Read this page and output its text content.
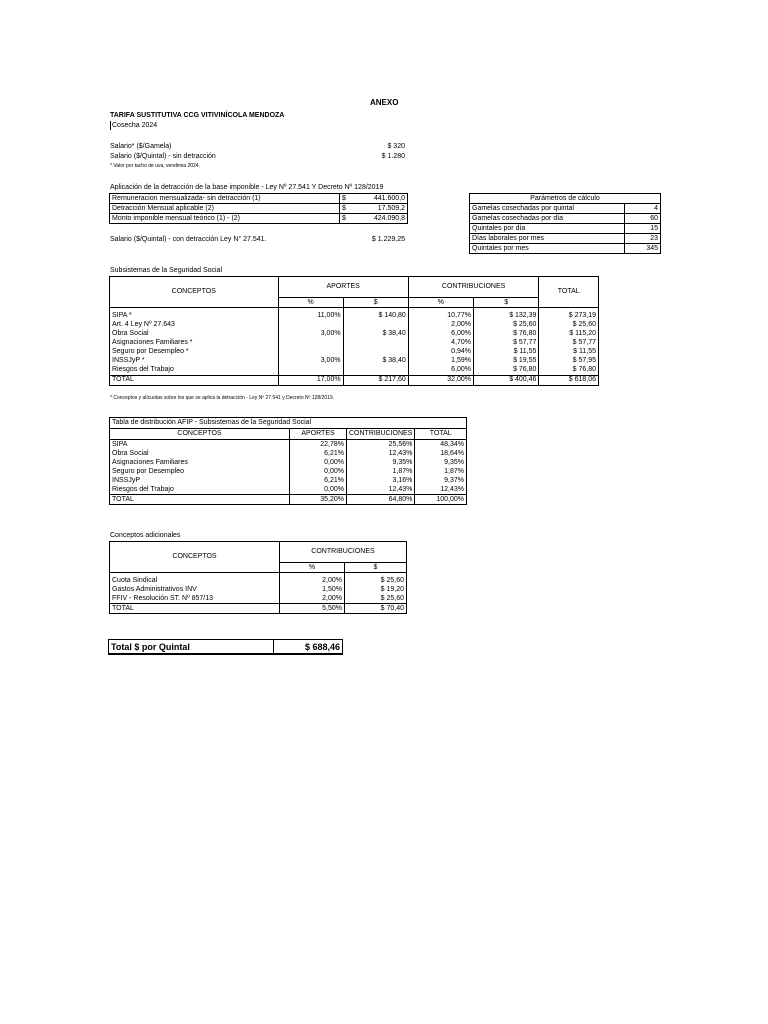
ANEXO
TARIFA SUSTITUTIVA CCG VITIVINÍCOLA MENDOZA
Cosecha 2024
Salario* ($/Gamela)	$ 320
Salario ($/Quintal) - sin detracción	$ 1.280
* Valor por tacho de uva, vendimia 2024.
Aplicación de la detracción de la base imponible - Ley Nº 27.541 Y Decreto Nº 128/2019
Remuneracion mensualizada- sin detracción (1)	$	441.600,0
Detracción Mensual aplicable (2)	$	17.509,2
Monto imponible mensual teórico (1) - (2)	$	424.090,8
Salario ($/Quintal) - con detracción Ley N° 27.541.	$ 1.229,25
Parámetros de cálculo	
Gamelas cosechadas por quintal	4
Gamelas cosechadas por día	60
Quintales por día	15
Días laborales por mes	23
Quintales por mes	345
Subsistemas de la Seguridad Social
CONCEPTOS	APORTES		CONTRIBUCIONES		TOTAL
	%	$	%	$	

SIPA *	11,00%	$ 140,80	10,77%	$ 132,39	$ 273,19
Art. 4 Ley Nº 27.643			2,00%	$ 25,60	$ 25,60
Obra Social	3,00%	$ 38,40	6,00%	$ 76,80	$ 115,20
Asignaciones Familiares *			4,70%	$ 57,77	$ 57,77
Seguro por Desempleo *			0,94%	$ 11,55	$ 11,55
INSSJyP *	3,00%	$ 38,40	1,59%	$ 19,55	$ 57,95
Riesgos del Trabajo			6,00%	$ 76,80	$ 76,80
TOTAL	17,00%	$ 217,60	32,00%	$ 400,46	$ 618,06
* Conceptos y alícuotas sobre los que se aplica la detracción - Ley Nº 27.541 y Decreto Nº 128/2019.
Tabla de distribución AFIP - Subsistemas de la Seguridad Social			
CONCEPTOS	APORTES	CONTRIBUCIONES	TOTAL
SIPA	22,78%	25,56%	48,34%
Obra Social	6,21%	12,43%	18,64%
Asignaciones Familiares	0,00%	9,35%	9,35%
Seguro por Desempleo	0,00%	1,87%	1,87%
INSSJyP	6,21%	3,16%	9,37%
Riesgos del Trabajo	0,00%	12,43%	12,43%
TOTAL	35,20%	64,80%	100,00%
Conceptos adicionales
CONCEPTOS	CONTRIBUCIONES	
	%	$

Cuota Sindical	2,00%	$ 25,60
Gastos Administrativos INV	1,50%	$ 19,20
FFIV - Resolución ST. Nº 857/13	2,00%	$ 25,60
TOTAL	5,50%	$ 70,40
Total $ por Quintal	$ 688,46
